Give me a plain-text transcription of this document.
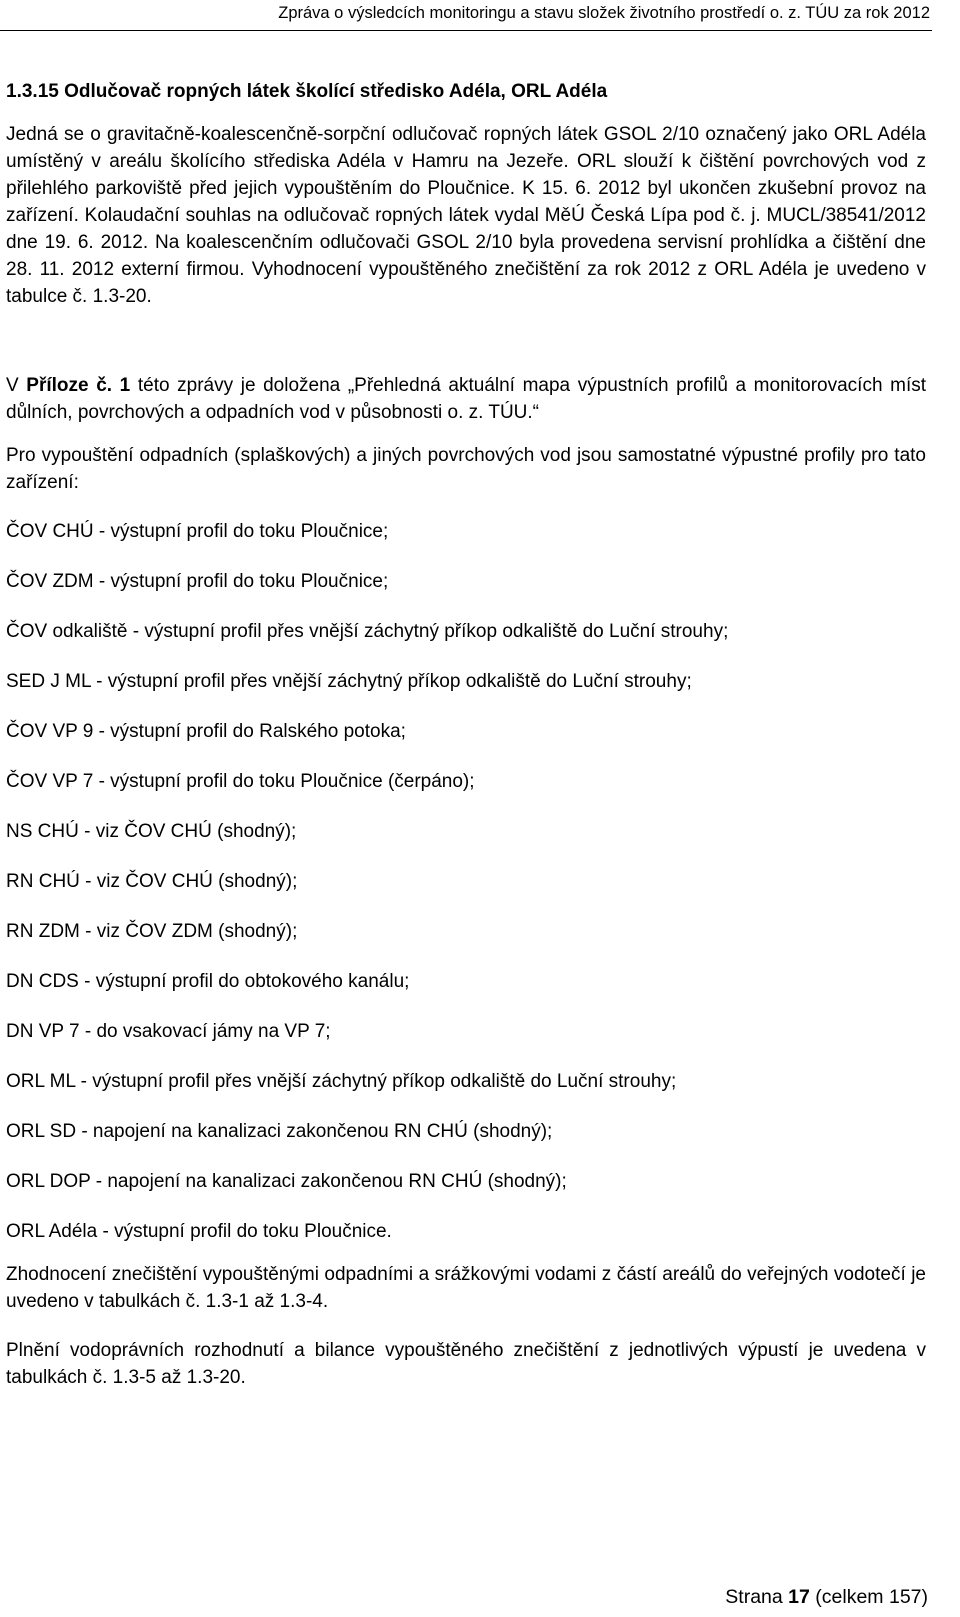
Zpráva o výsledcích monitoringu a stavu složek životního prostředí o. z. TÚU za rok 2012
1.3.15 Odlučovač ropných látek školící středisko Adéla, ORL Adéla

Jedná se o gravitačně-koalescenčně-sorpční odlučovač ropných látek GSOL 2/10 označený jako ORL Adéla umístěný v areálu školícího střediska Adéla v Hamru na Jezeře. ORL slouží k čištění povrchových vod z přilehlého parkoviště před jejich vypouštěním do Ploučnice. K 15. 6. 2012 byl ukončen zkušební provoz na zařízení. Kolaudační souhlas na odlučovač ropných látek vydal MěÚ Česká Lípa pod č. j. MUCL/38541/2012 dne 19. 6. 2012. Na koalescenčním odlučovači GSOL 2/10 byla provedena servisní prohlídka a čištění dne 28. 11. 2012 externí firmou. Vyhodnocení vypouštěného znečištění za rok 2012 z ORL Adéla je uvedeno v tabulce č. 1.3-20.

V Příloze č. 1 této zprávy je doložena „Přehledná aktuální mapa výpustních profilů a monitorovacích míst důlních, povrchových a odpadních vod v působnosti o. z. TÚU.“

Pro vypouštění odpadních (splaškových) a jiných povrchových vod jsou samostatné výpustné profily pro tato zařízení:

ČOV CHÚ - výstupní profil do toku Ploučnice;
ČOV ZDM - výstupní profil do toku Ploučnice;
ČOV odkaliště - výstupní profil přes vnější záchytný příkop odkaliště do Luční strouhy;
SED J ML - výstupní profil přes vnější záchytný příkop odkaliště do Luční strouhy;
ČOV VP 9 - výstupní profil do Ralského potoka;
ČOV VP 7 - výstupní profil do toku Ploučnice (čerpáno);
NS CHÚ - viz ČOV CHÚ (shodný);
RN CHÚ - viz ČOV CHÚ (shodný);
RN ZDM - viz ČOV ZDM (shodný);
DN CDS - výstupní profil do obtokového kanálu;
DN VP 7 - do vsakovací jámy na VP 7;
ORL ML - výstupní profil přes vnější záchytný příkop odkaliště do Luční strouhy;
ORL SD - napojení na kanalizaci zakončenou RN CHÚ (shodný);
ORL DOP - napojení na kanalizaci zakončenou RN CHÚ (shodný);
ORL Adéla - výstupní profil do toku Ploučnice.

Zhodnocení znečištění vypouštěnými odpadními a srážkovými vodami z částí areálů do veřejných vodotečí je uvedeno v tabulkách č. 1.3-1 až 1.3-4.

Plnění vodoprávních rozhodnutí a bilance vypouštěného znečištění z jednotlivých výpustí je uvedena v tabulkách č. 1.3-5 až 1.3-20.

Strana 17 (celkem 157)
